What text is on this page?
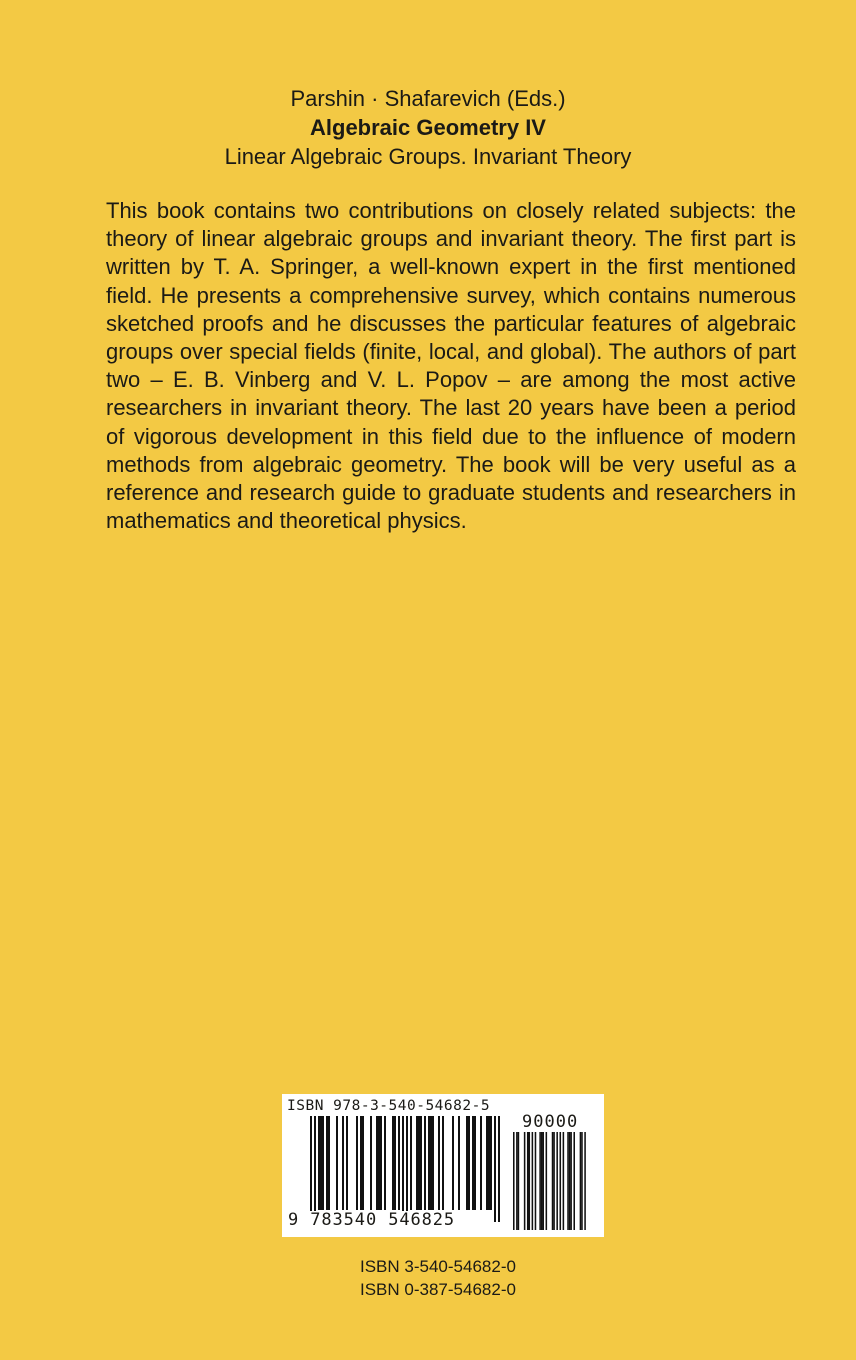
Parshin · Shafarevich (Eds.)
Algebraic Geometry IV
Linear Algebraic Groups. Invariant Theory
This book contains two contributions on closely related subjects: the theory of linear algebraic groups and invariant theory. The first part is written by T. A. Springer, a well-known expert in the first mentioned field. He presents a comprehensive survey, which contains numerous sketched proofs and he discusses the particular features of algebraic groups over special fields (finite, local, and global). The authors of part two – E. B. Vinberg and V. L. Popov – are among the most active researchers in invariant theory. The last 20 years have been a period of vigorous development in this field due to the influence of modern methods from algebraic geometry. The book will be very useful as a reference and research guide to graduate students and researchers in mathematics and theoretical physics.
ISBN 978-3-540-54682-5
90000
9 783540 546825
ISBN 3-540-54682-0
ISBN 0-387-54682-0
